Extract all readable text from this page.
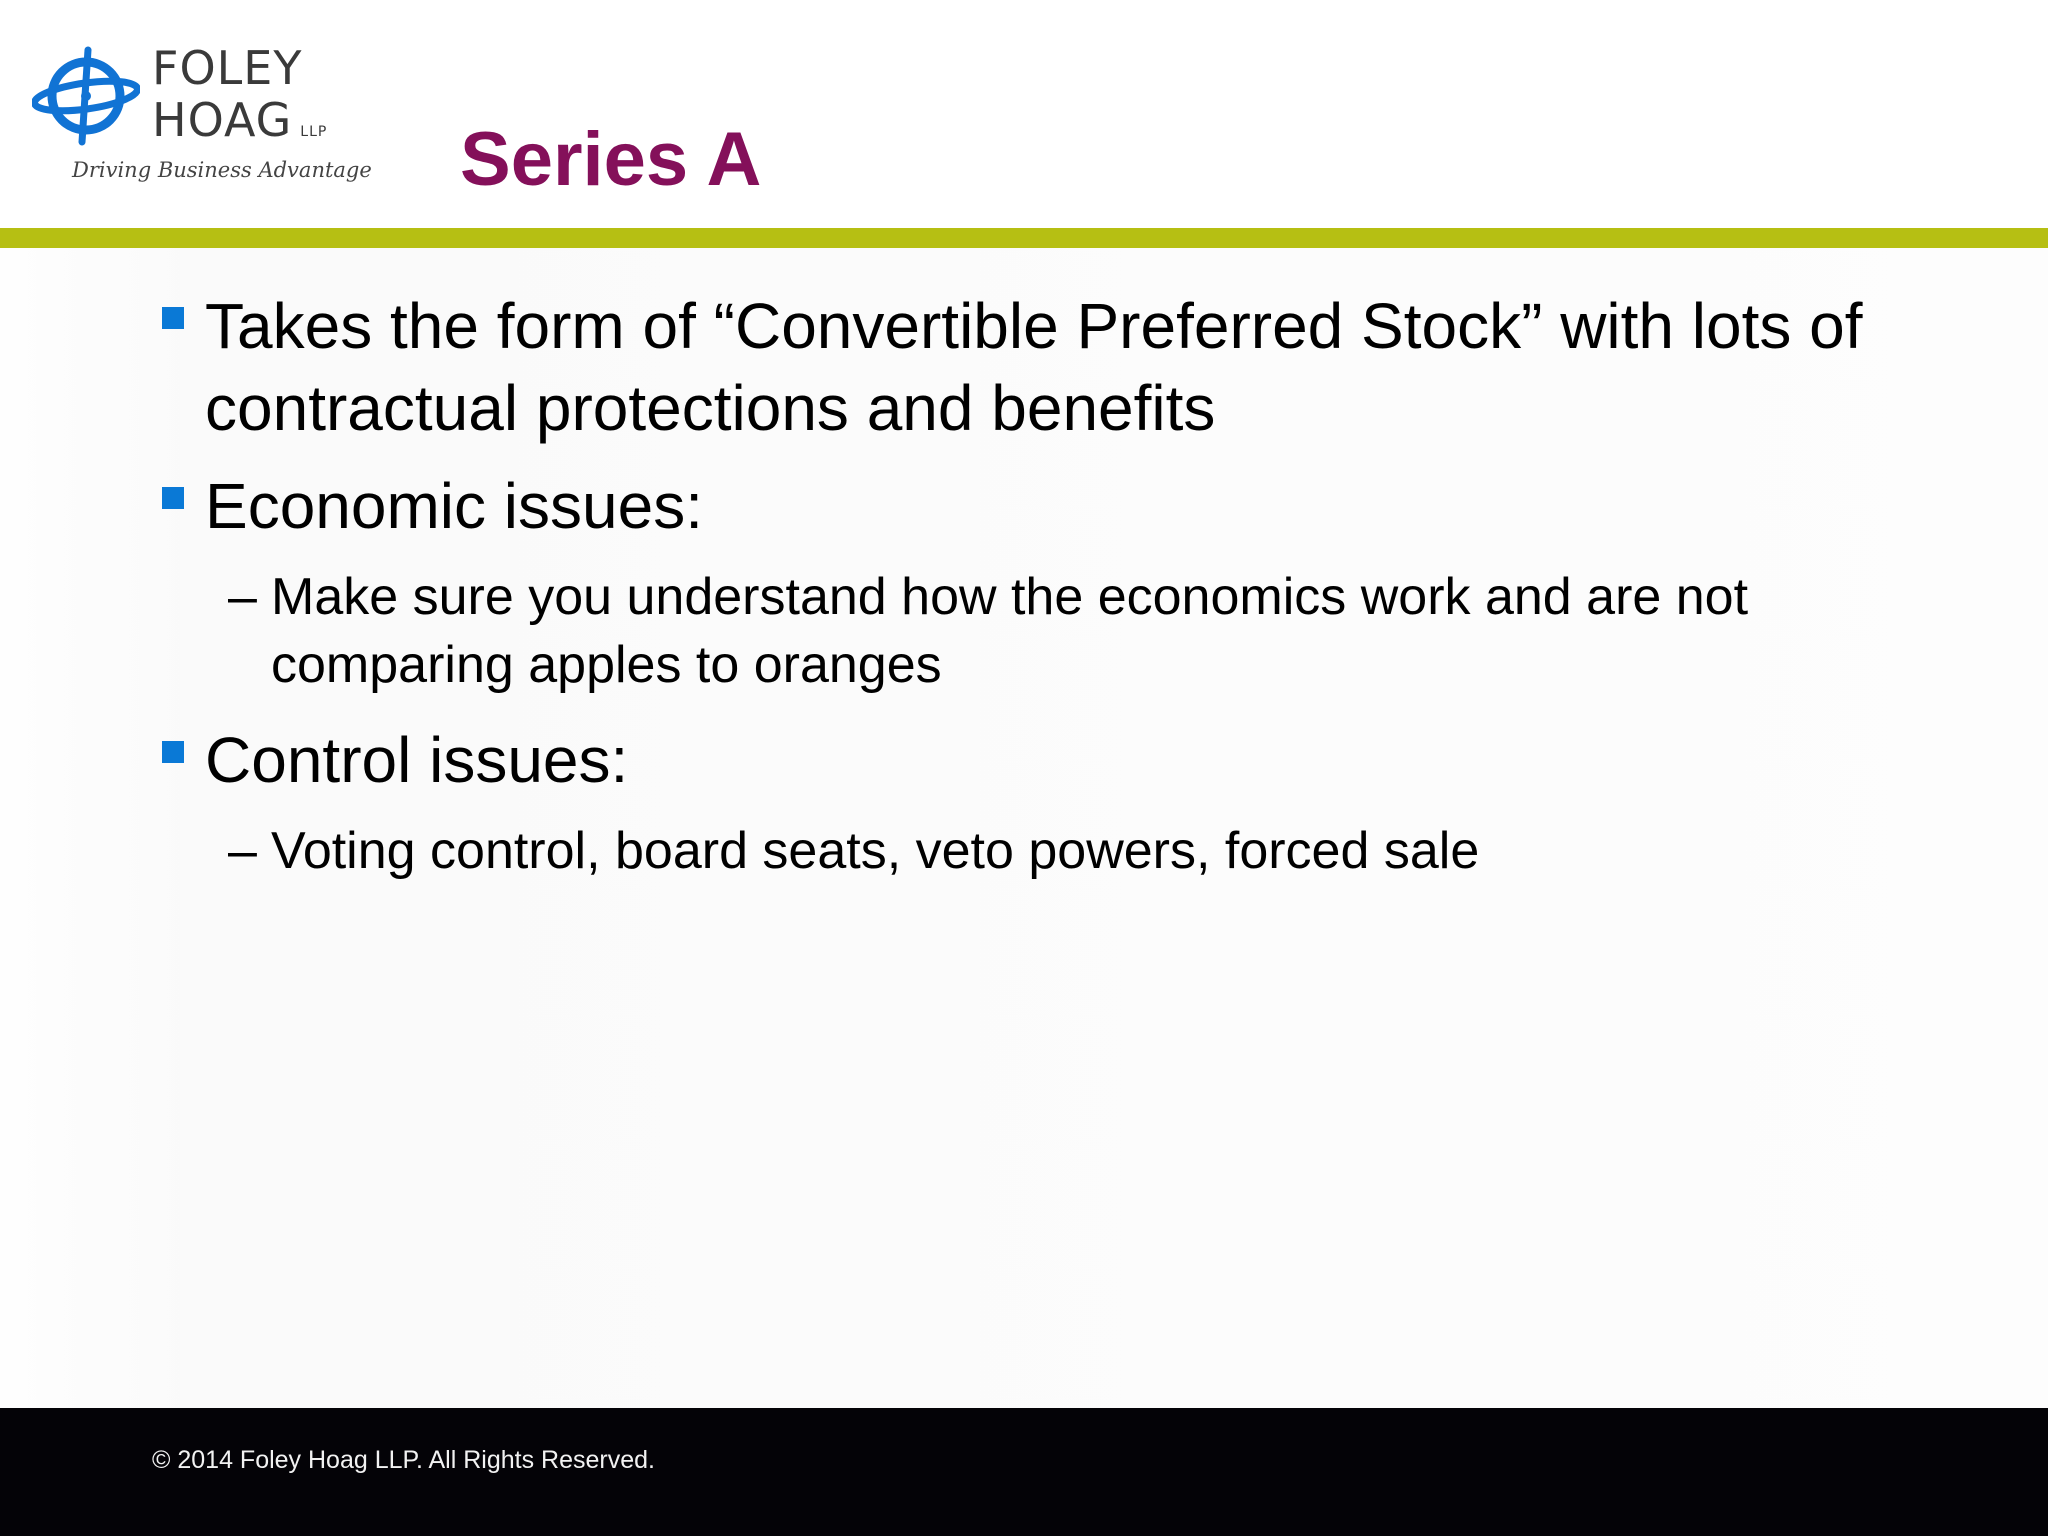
FOLEY
HOAG LLP
Driving Business Advantage Series A
Takes the form of “Convertible Preferred Stock” with lots of contractual protections and benefits
Economic issues:
– Make sure you understand how the economics work and are not comparing apples to oranges
Control issues:
– Voting control, board seats, veto powers, forced sale
© 2014 Foley Hoag LLP. All Rights Reserved.
